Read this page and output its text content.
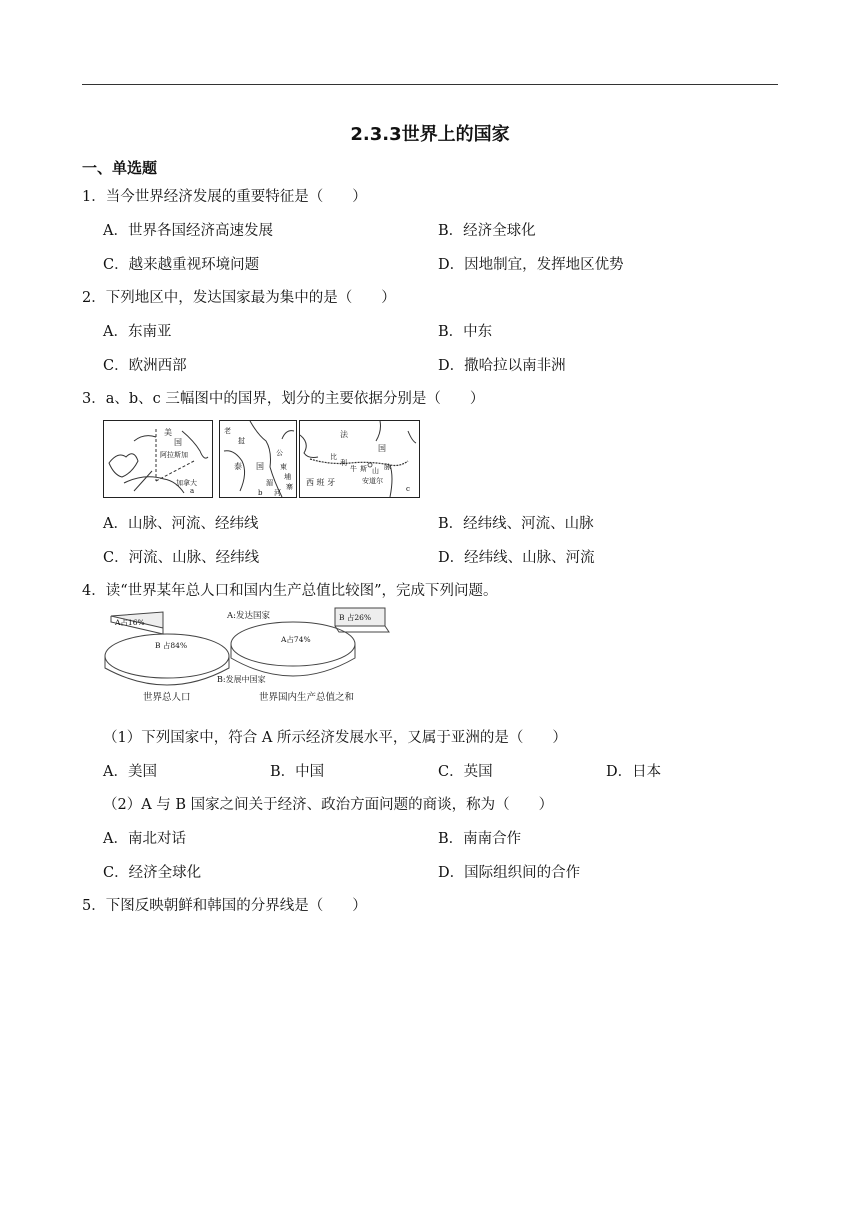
2.3.3世界上的国家
一、单选题
1．当今世界经济发展的重要特征是（　　）
A．世界各国经济高速发展	B．经济全球化
C．越来越重视环境问题	D．因地制宜，发挥地区优势
2．下列地区中，发达国家最为集中的是（　　）
A．东南亚	B．中东
C．欧洲西部	D．撒哈拉以南非洲
3．a、b、c 三幅图中的国界，划分的主要依据分别是（　　）
美
国
阿拉斯加
加拿大
a
老
挝
泰 国 柬
埔
寨
公
湄
河
b
法
国
比
利
牛 斯 山 脉
西 班 牙	安道尔
c
A．山脉、河流、经纬线	B．经纬线、河流、山脉
C．河流、山脉、经纬线	D．经纬线、山脉、河流
4．读“世界某年总人口和国内生产总值比较图”，完成下列问题。
A占16%
B 占84%
B 占26%
A占74%
A:发达国家
B:发展中国家
世界总人口	世界国内生产总值之和
（1）下列国家中，符合 A 所示经济发展水平，又属于亚洲的是（　　）
A．美国	B．中国	C．英国	D．日本
（2）A 与 B 国家之间关于经济、政治方面问题的商谈，称为（　　）
A．南北对话	B．南南合作
C．经济全球化	D．国际组织间的合作
5．下图反映朝鲜和韩国的分界线是（　　）
